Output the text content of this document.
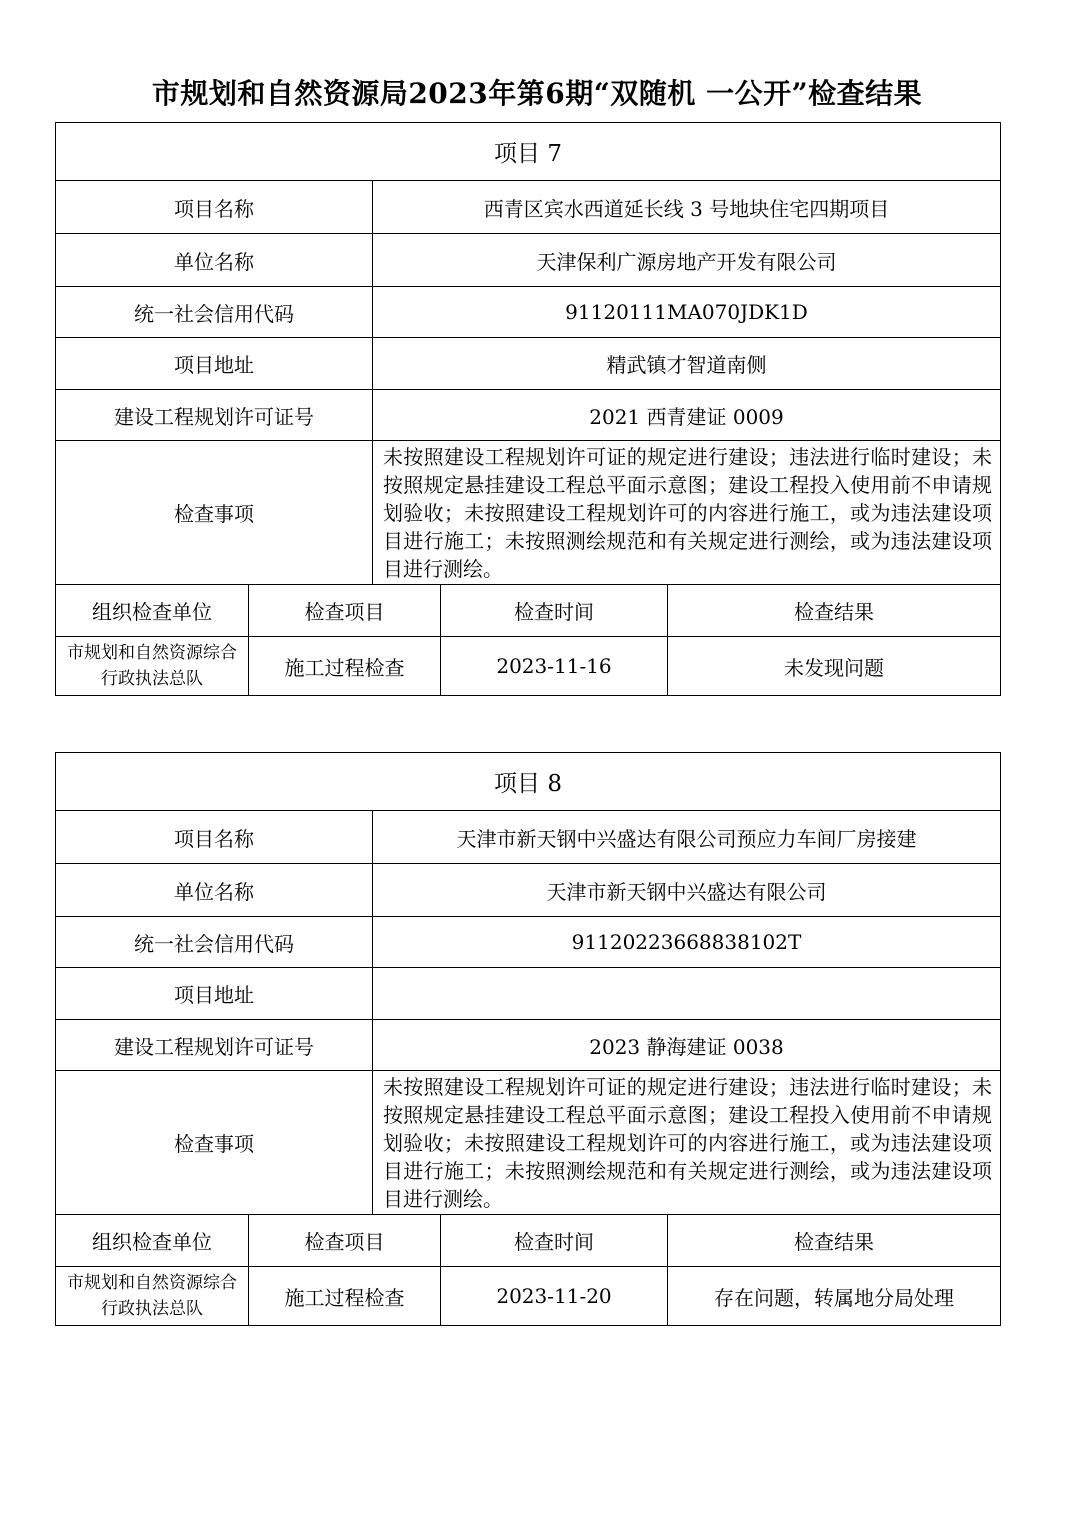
市规划和自然资源局2023年第6期“双随机 一公开”检查结果
项目 7				
项目名称		西青区宾水西道延长线 3 号地块住宅四期项目		
单位名称		天津保利广源房地产开发有限公司		
统一社会信用代码		91120111MA070JDK1D		
项目地址		精武镇才智道南侧		
建设工程规划许可证号		2021 西青建证 0009		
检查事项		未按照建设工程规划许可证的规定进行建设；违法进行临时建设；未按照规定悬挂建设工程总平面示意图；建设工程投入使用前不申请规划验收；未按照建设工程规划许可的内容进行施工，或为违法建设项目进行施工；未按照测绘规范和有关规定进行测绘，或为违法建设项目进行测绘。		
组织检查单位	检查项目		检查时间	检查结果
市规划和自然资源综合行政执法总队	施工过程检查		2023-11-16	未发现问题
项目 8				
项目名称		天津市新天钢中兴盛达有限公司预应力车间厂房接建		
单位名称		天津市新天钢中兴盛达有限公司		
统一社会信用代码		91120223668838102T		
项目地址				
建设工程规划许可证号		2023 静海建证 0038		
检查事项		未按照建设工程规划许可证的规定进行建设；违法进行临时建设；未按照规定悬挂建设工程总平面示意图；建设工程投入使用前不申请规划验收；未按照建设工程规划许可的内容进行施工，或为违法建设项目进行施工；未按照测绘规范和有关规定进行测绘，或为违法建设项目进行测绘。		
组织检查单位	检查项目		检查时间	检查结果
市规划和自然资源综合行政执法总队	施工过程检查		2023-11-20	存在问题，转属地分局处理
